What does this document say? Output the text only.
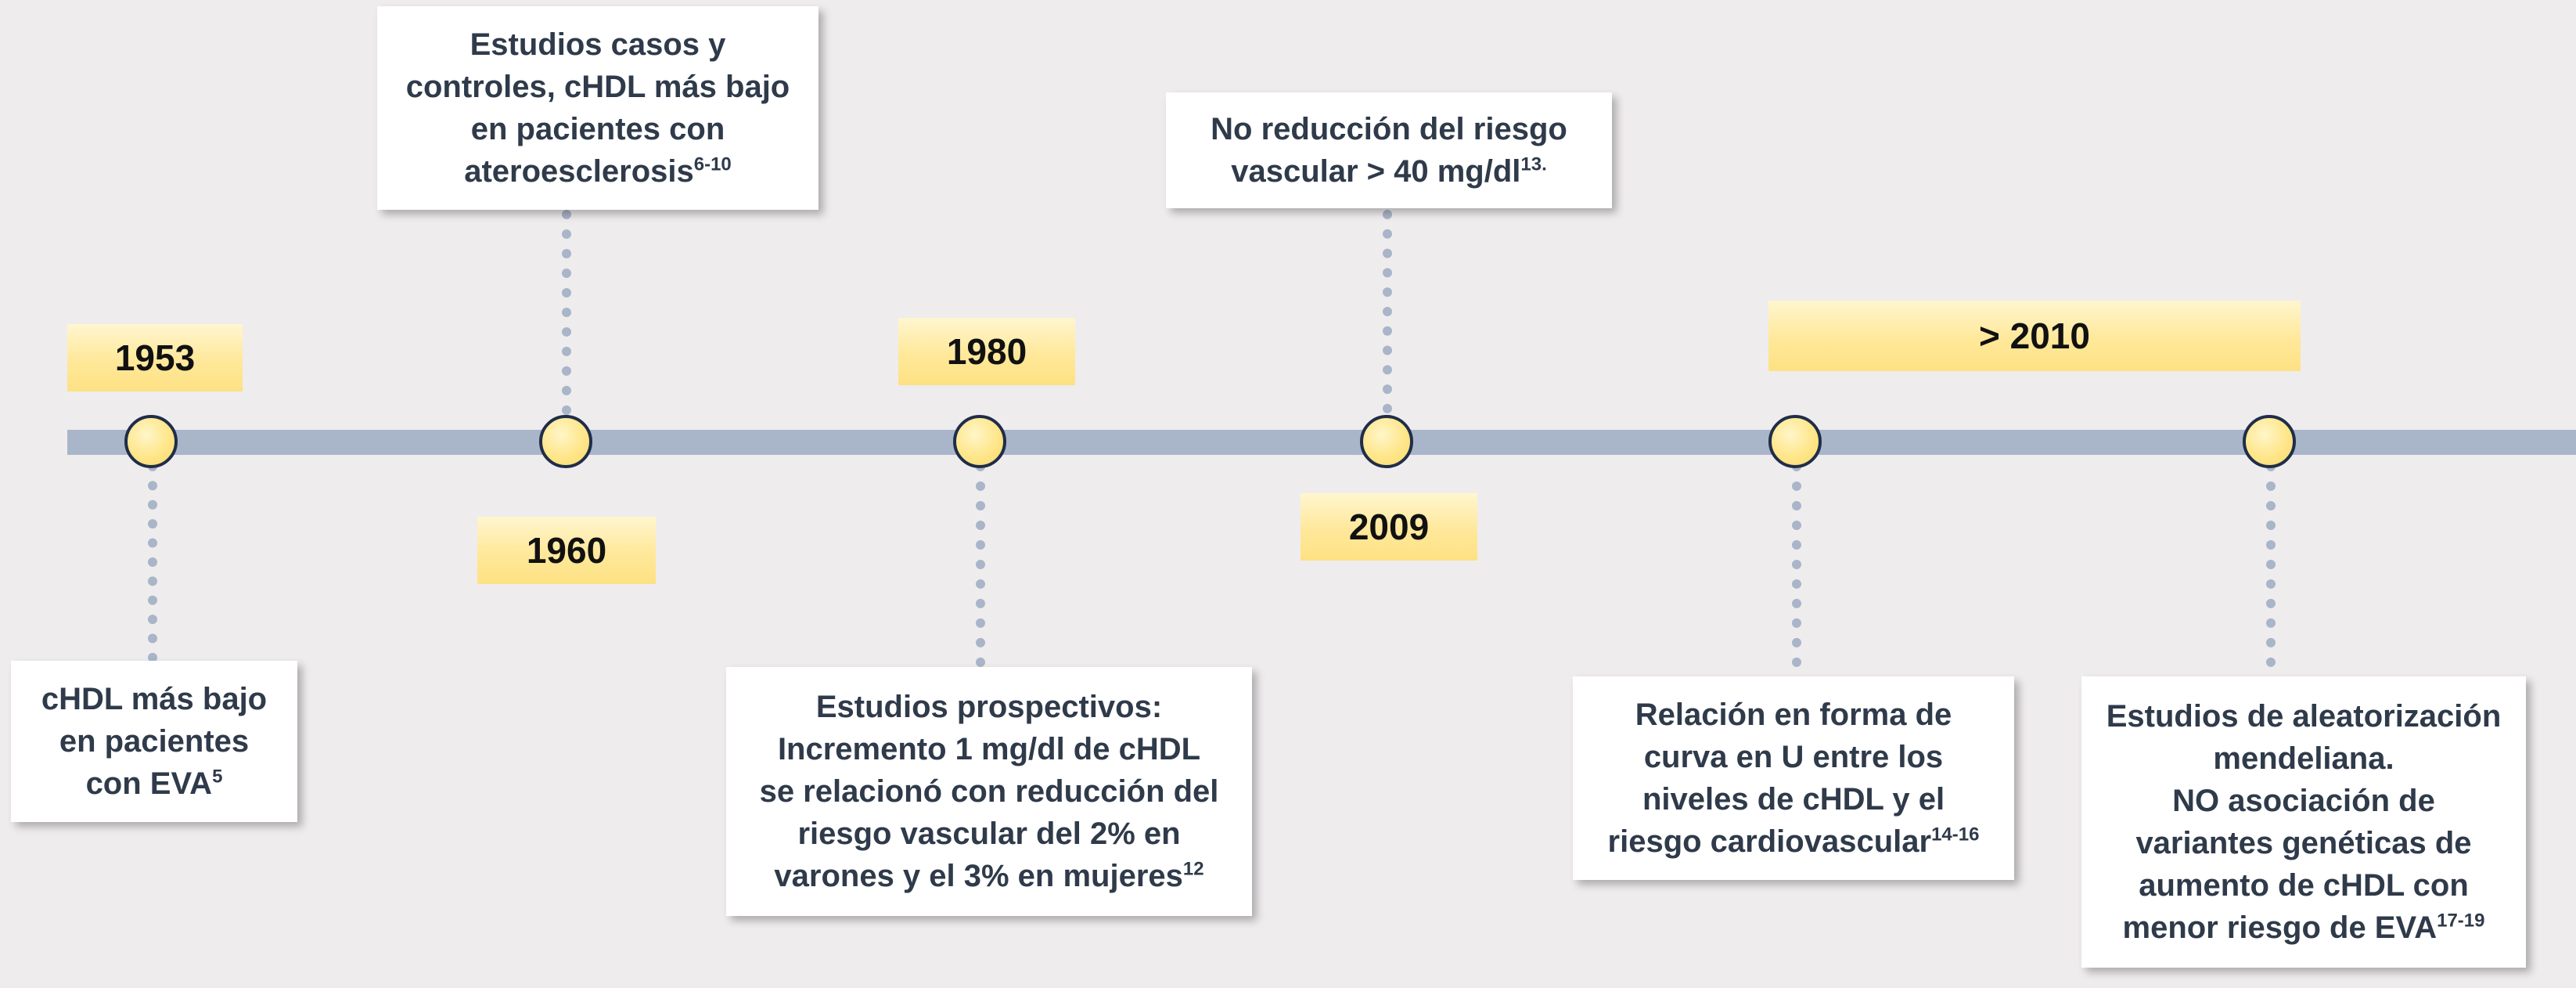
1953
1960
1980
2009
> 2010
cHDL más bajo
en pacientes
con EVA$^5$
Estudios casos y
controles, cHDL más bajo
en pacientes con
ateroesclerosis$^{6-10}$
Estudios prospectivos:
Incremento 1 mg/dl de cHDL
se relacionó con reducción del
riesgo vascular del 2% en
varones y el 3% en mujeres$^{12}$
No reducción del riesgo
vascular > 40 $mg/dl^{13.}$
Relación en forma de
curva en U entre los
niveles de cHDL y el
riesgo cardiovascular$^{14-16}$
Estudios de aleatorización
mendeliana.
NO asociación de
variantes genéticas de
aumento de cHDL con
menor riesgo de EVA$^{17-19}$
